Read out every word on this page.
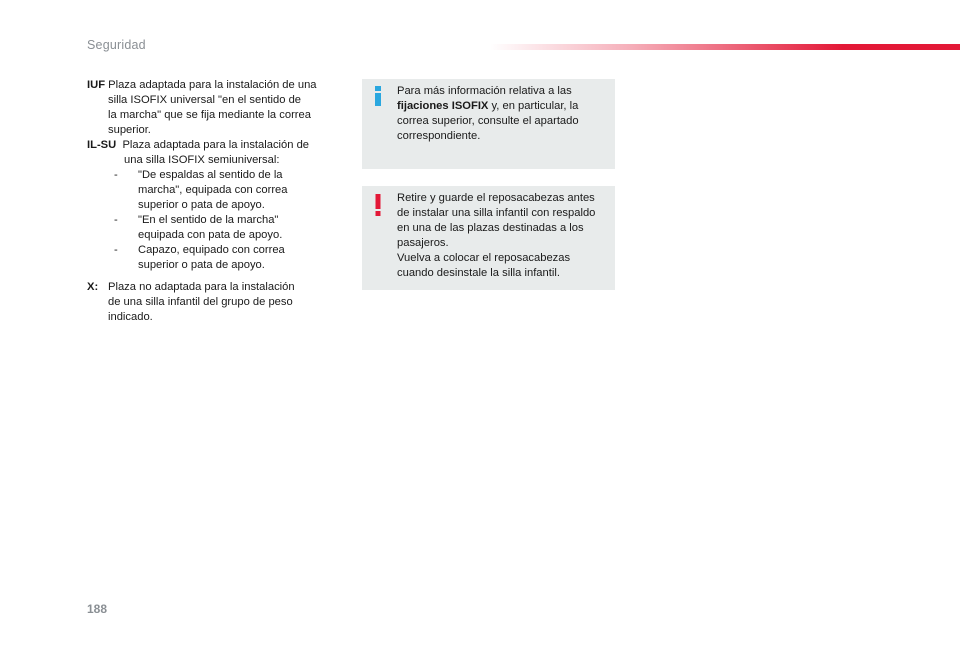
Seguridad
IUF Plaza adaptada para la instalación de una
silla ISOFIX universal "en el sentido de
la marcha" que se fija mediante la correa
superior.
IL-SU Plaza adaptada para la instalación de
una silla ISOFIX semiuniversal:
- "De espaldas al sentido de la
marcha", equipada con correa
superior o pata de apoyo.
- "En el sentido de la marcha"
equipada con pata de apoyo.
- Capazo, equipado con correa
superior o pata de apoyo.
X: Plaza no adaptada para la instalación
de una silla infantil del grupo de peso
indicado.

Para más información relativa a las

fijaciones ISOFIX y, en particular, la

correa superior, consulte el apartado

correspondiente.

Retire y guarde el reposacabezas antes

de instalar una silla infantil con respaldo

en una de las plazas destinadas a los

pasajeros.

Vuelva a colocar el reposacabezas

cuando desinstale la silla infantil.

188
